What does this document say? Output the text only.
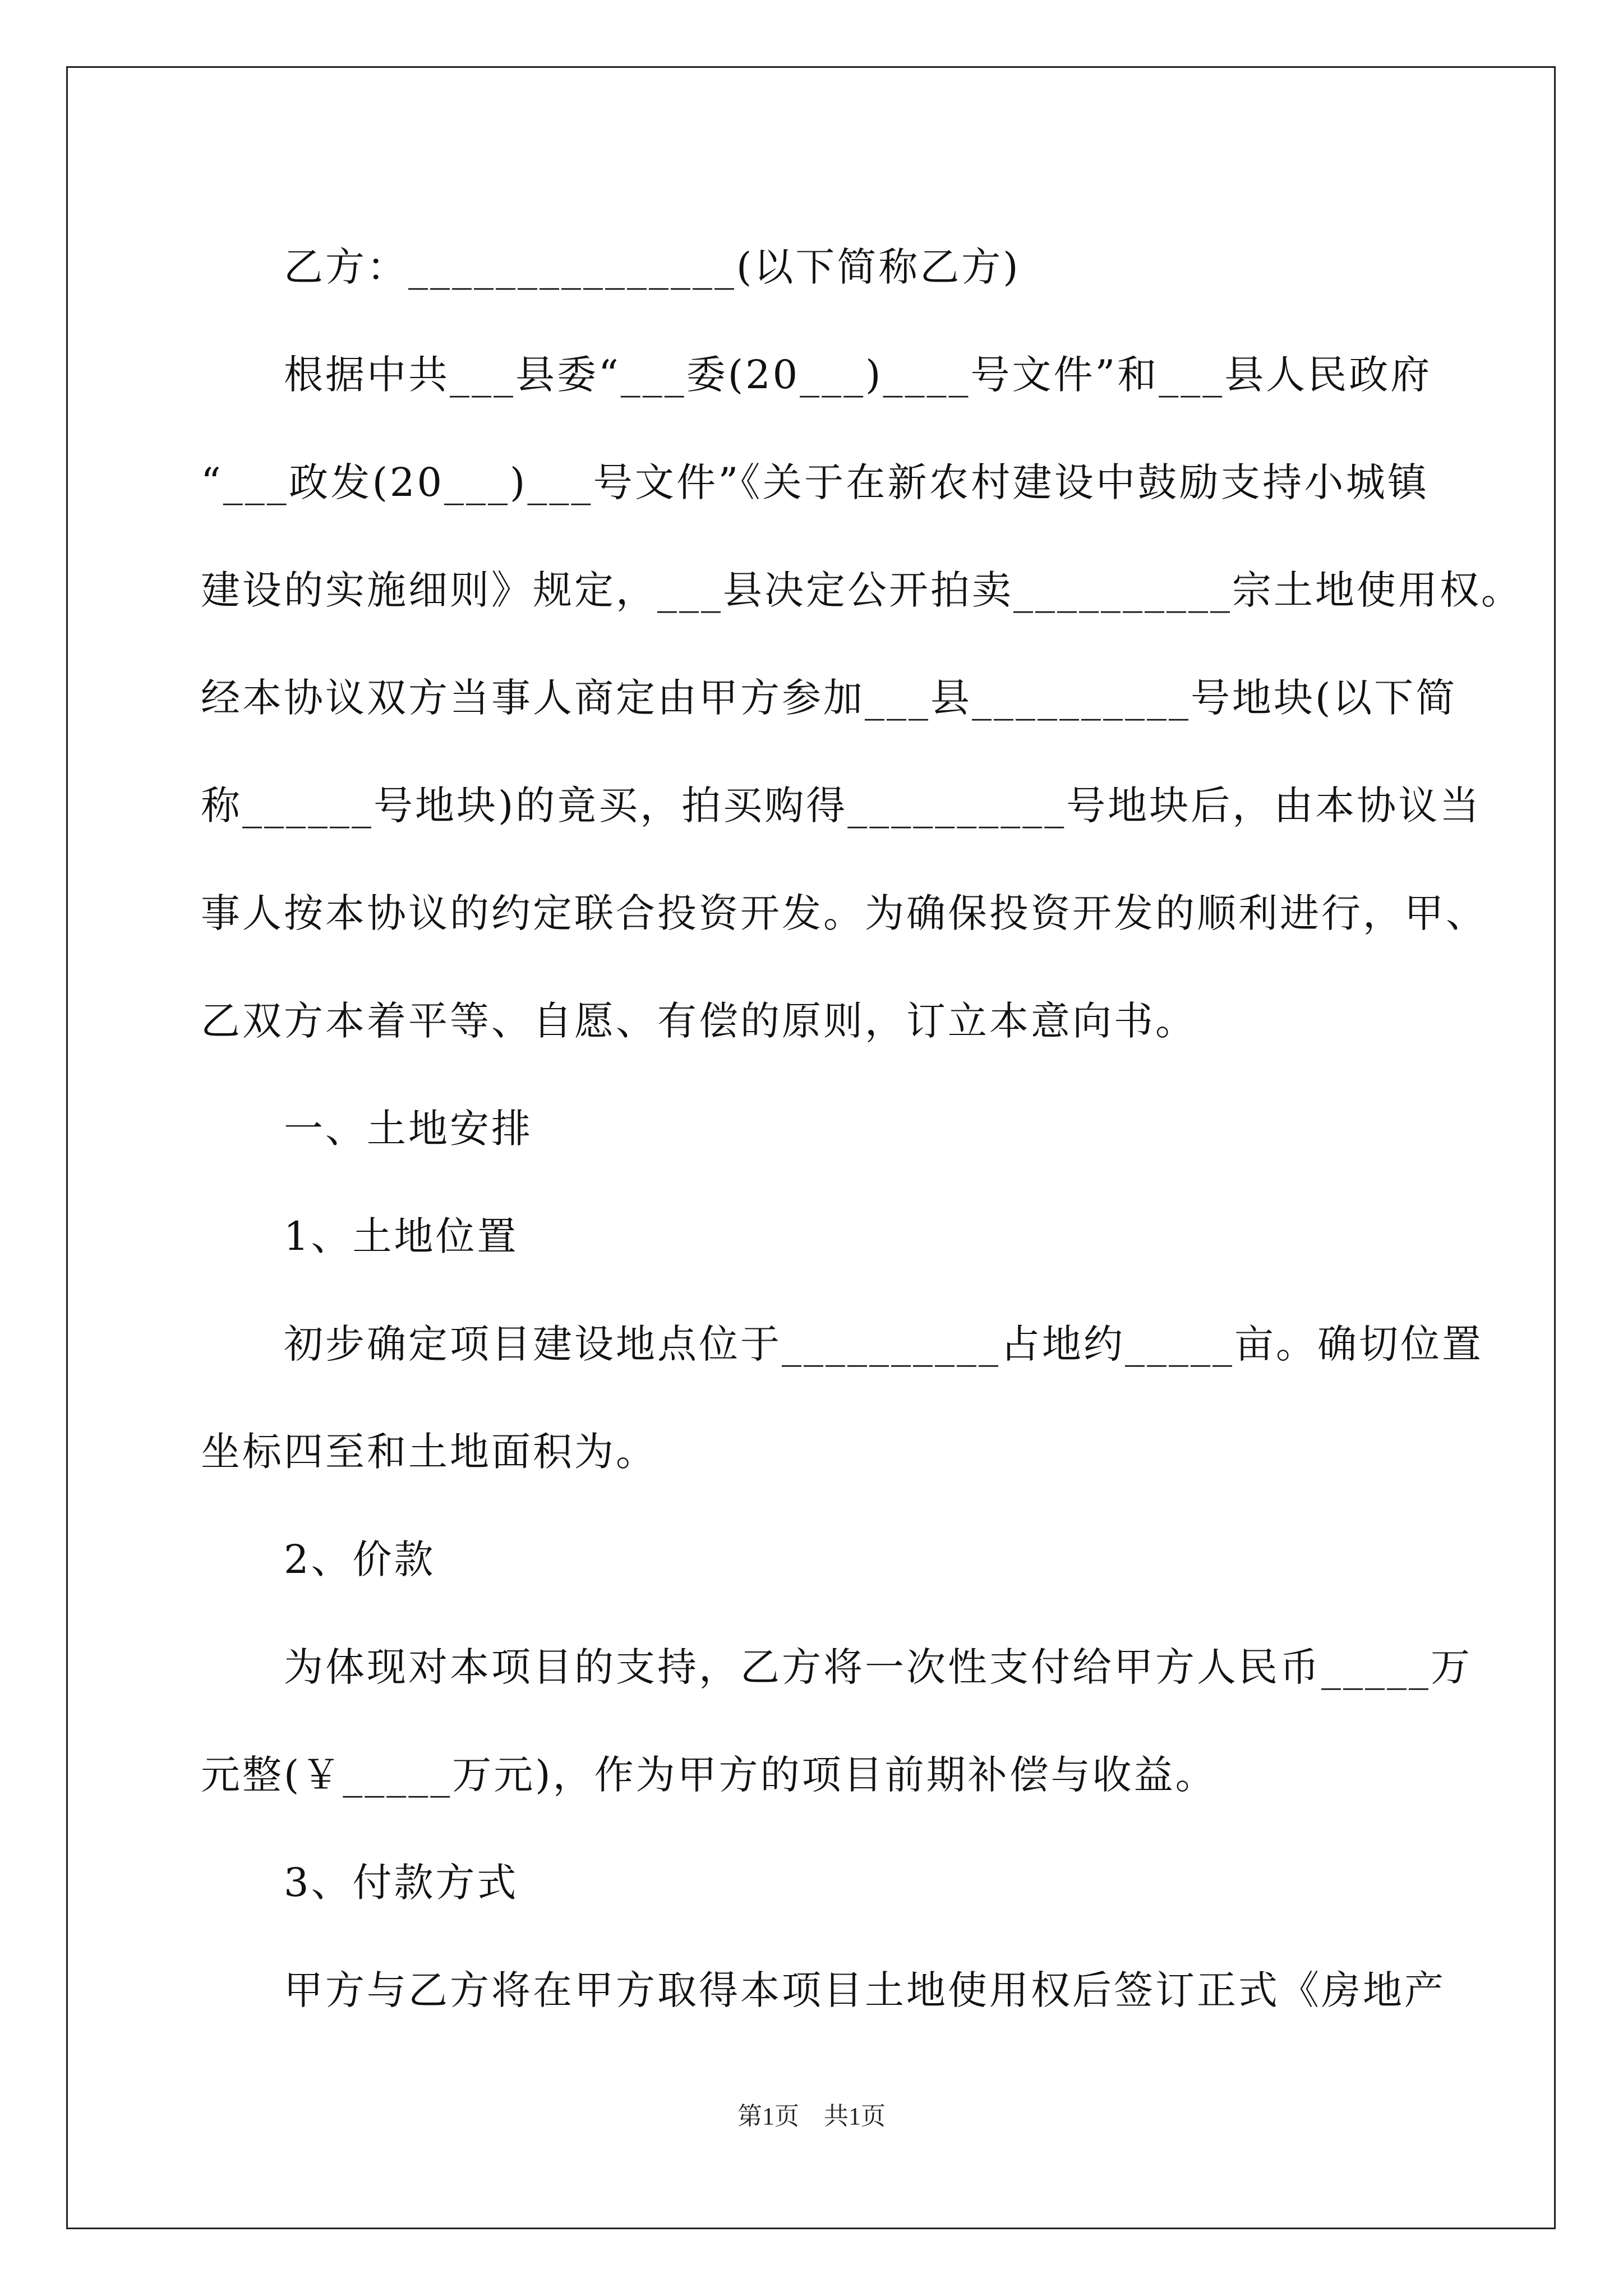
乙方：_______________(以下简称乙方)
根据中共___县委“___委(20___)____号文件”和___县人民政府
“___政发(20___)___号文件”《关于在新农村建设中鼓励支持小城镇
建设的实施细则》规定，___县决定公开拍卖__________宗土地使用权。
经本协议双方当事人商定由甲方参加___县__________号地块(以下简
称______号地块)的竟买，拍买购得__________号地块后，由本协议当
事人按本协议的约定联合投资开发。为确保投资开发的顺利进行，甲、
乙双方本着平等、自愿、有偿的原则，订立本意向书。
一、土地安排
1、土地位置
初步确定项目建设地点位于__________占地约_____亩。确切位置
坐标四至和土地面积为。
2、价款
为体现对本项目的支持，乙方将一次性支付给甲方人民币_____万
元整(￥_____万元)，作为甲方的项目前期补偿与收益。
3、付款方式
甲方与乙方将在甲方取得本项目土地使用权后签订正式《房地产
第1页　共1页
